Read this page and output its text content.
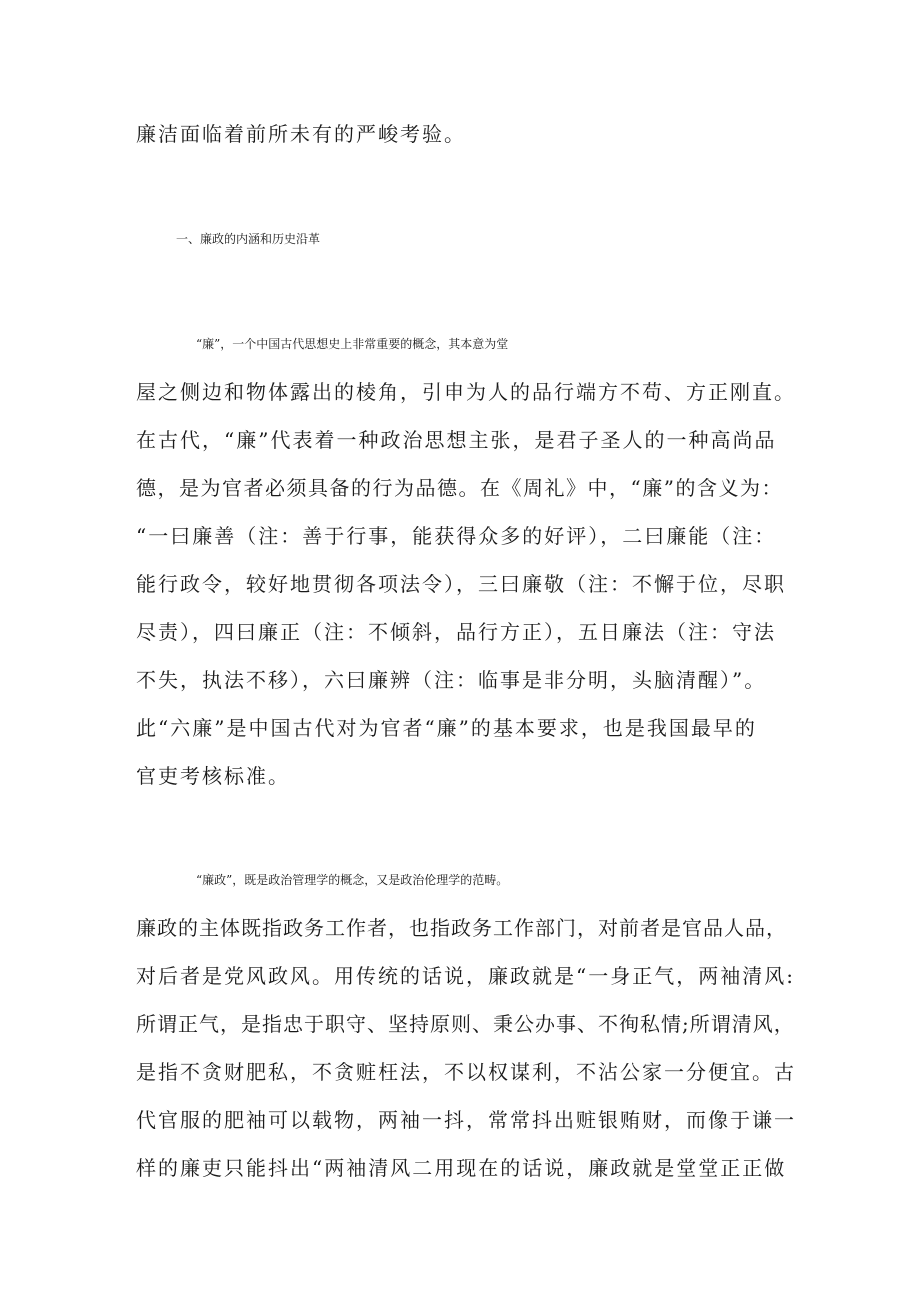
廉洁面临着前所未有的严峻考验。
一、廉政的内涵和历史沿革
“廉”，一个中国古代思想史上非常重要的概念，其本意为堂
屋之侧边和物体露出的棱角，引申为人的品行端方不苟、方正刚直。
在古代，“廉”代表着一种政治思想主张，是君子圣人的一种高尚品
德，是为官者必须具备的行为品德。在《周礼》中，“廉”的含义为：
“一曰廉善（注：善于行事，能获得众多的好评），二曰廉能（注：
能行政令，较好地贯彻各项法令），三曰廉敬（注：不懈于位，尽职
尽责），四曰廉正（注：不倾斜，品行方正），五日廉法（注：守法
不失，执法不移），六曰廉辨（注：临事是非分明，头脑清醒）”。
此“六廉”是中国古代对为官者“廉”的基本要求，也是我国最早的
官吏考核标准。
“廉政”，既是政治管理学的概念，又是政治伦理学的范畴。
廉政的主体既指政务工作者，也指政务工作部门，对前者是官品人品，
对后者是党风政风。用传统的话说，廉政就是“一身正气，两袖清风:
所谓正气，是指忠于职守、坚持原则、秉公办事、不徇私情;所谓清风，
是指不贪财肥私，不贪赃枉法，不以权谋利，不沾公家一分便宜。古
代官服的肥袖可以载物，两袖一抖，常常抖出赃银贿财，而像于谦一
样的廉吏只能抖出“两袖清风二用现在的话说，廉政就是堂堂正正做
